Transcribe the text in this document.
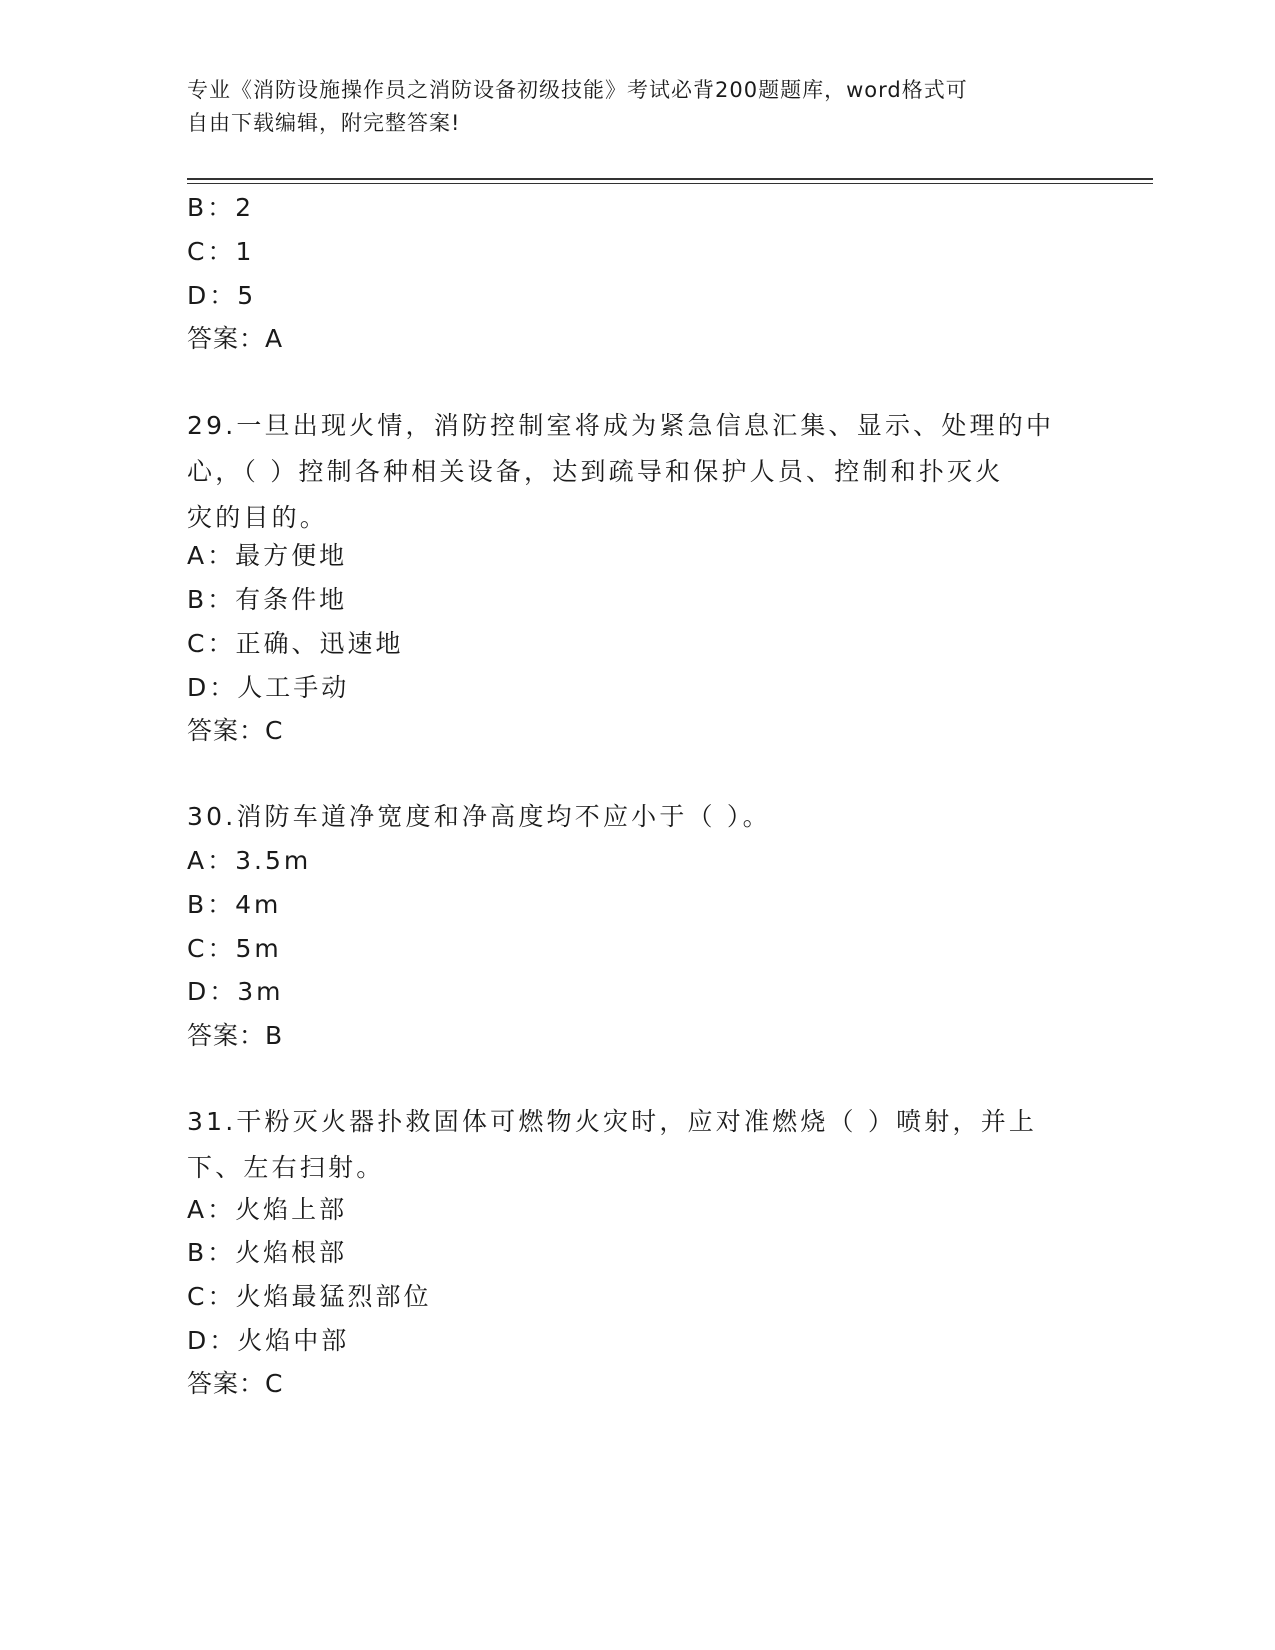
专业《消防设施操作员之消防设备初级技能》考试必背200题题库，word格式可
自由下载编辑，附完整答案!
B：2
C：1
D：5
答案：A
29.一旦出现火情，消防控制室将成为紧急信息汇集、显示、处理的中
心，（ ）控制各种相关设备，达到疏导和保护人员、控制和扑灭火
灾的目的。
A：最方便地
B：有条件地
C：正确、迅速地
D：人工手动
答案：C
30.消防车道净宽度和净高度均不应小于（ ）。
A：3.5m
B：4m
C：5m
D：3m
答案：B
31.干粉灭火器扑救固体可燃物火灾时，应对准燃烧（ ）喷射，并上
下、左右扫射。
A：火焰上部
B：火焰根部
C：火焰最猛烈部位
D：火焰中部
答案：C
